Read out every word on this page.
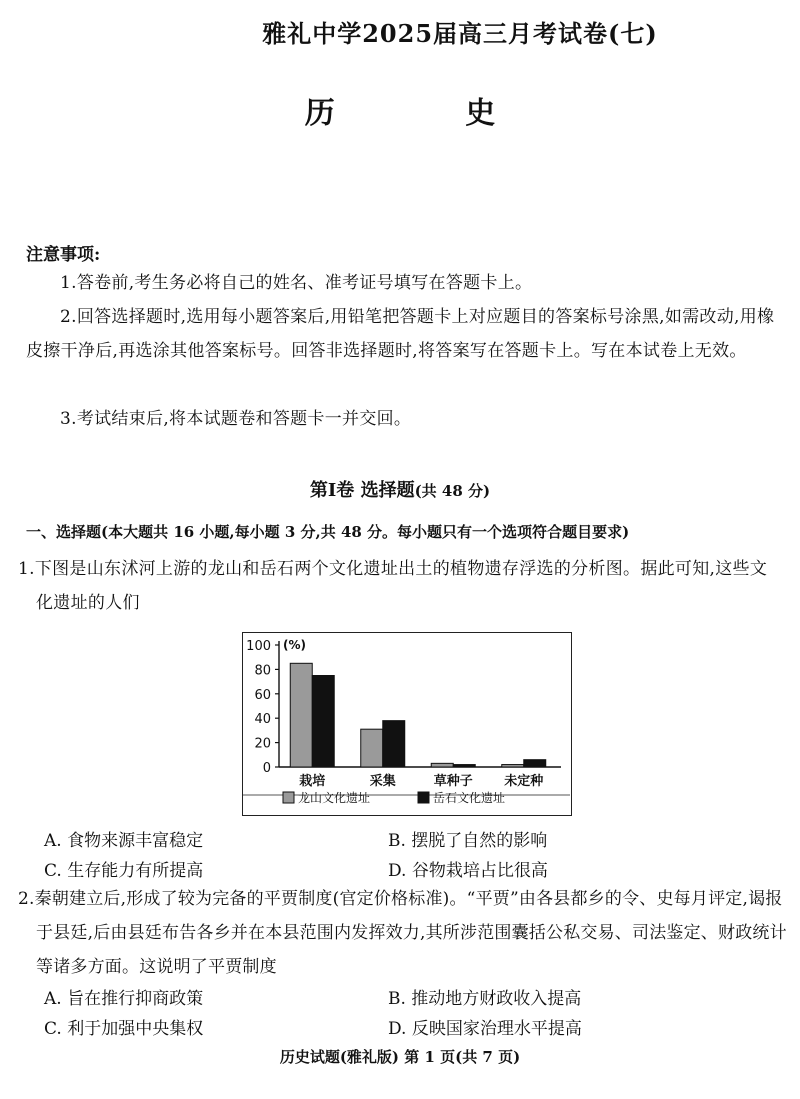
雅礼中学2025届高三月考试卷(七)
历 史
注意事项:
1.答卷前,考生务必将自己的姓名、准考证号填写在答题卡上。
2.回答选择题时,选用每小题答案后,用铅笔把答题卡上对应题目的答案标号涂黑,如需改动,用橡皮擦干净后,再选涂其他答案标号。回答非选择题时,将答案写在答题卡上。写在本试卷上无效。
3.考试结束后,将本试题卷和答题卡一并交回。
第Ⅰ卷 选择题(共 48 分)
一、选择题(本大题共 16 小题,每小题 3 分,共 48 分。每小题只有一个选项符合题目要求)
1.下图是山东沭河上游的龙山和岳石两个文化遗址出土的植物遗存浮选的分析图。据此可知,这些文化遗址的人们
0
20
40
60
80
100 (%)
栽培	采集	草种子 未定种
龙山文化遗址	岳石文化遗址
A. 食物来源丰富稳定	B. 摆脱了自然的影响
C. 生存能力有所提高	D. 谷物栽培占比很高
2.秦朝建立后,形成了较为完备的平贾制度(官定价格标准)。“平贾”由各县都乡的令、史每月评定,谒报于县廷,后由县廷布告各乡并在本县范围内发挥效力,其所涉范围囊括公私交易、司法鉴定、财政统计等诸多方面。这说明了平贾制度
A. 旨在推行抑商政策	B. 推动地方财政收入提高
C. 利于加强中央集权	D. 反映国家治理水平提高
历史试题(雅礼版) 第 1 页(共 7 页)
